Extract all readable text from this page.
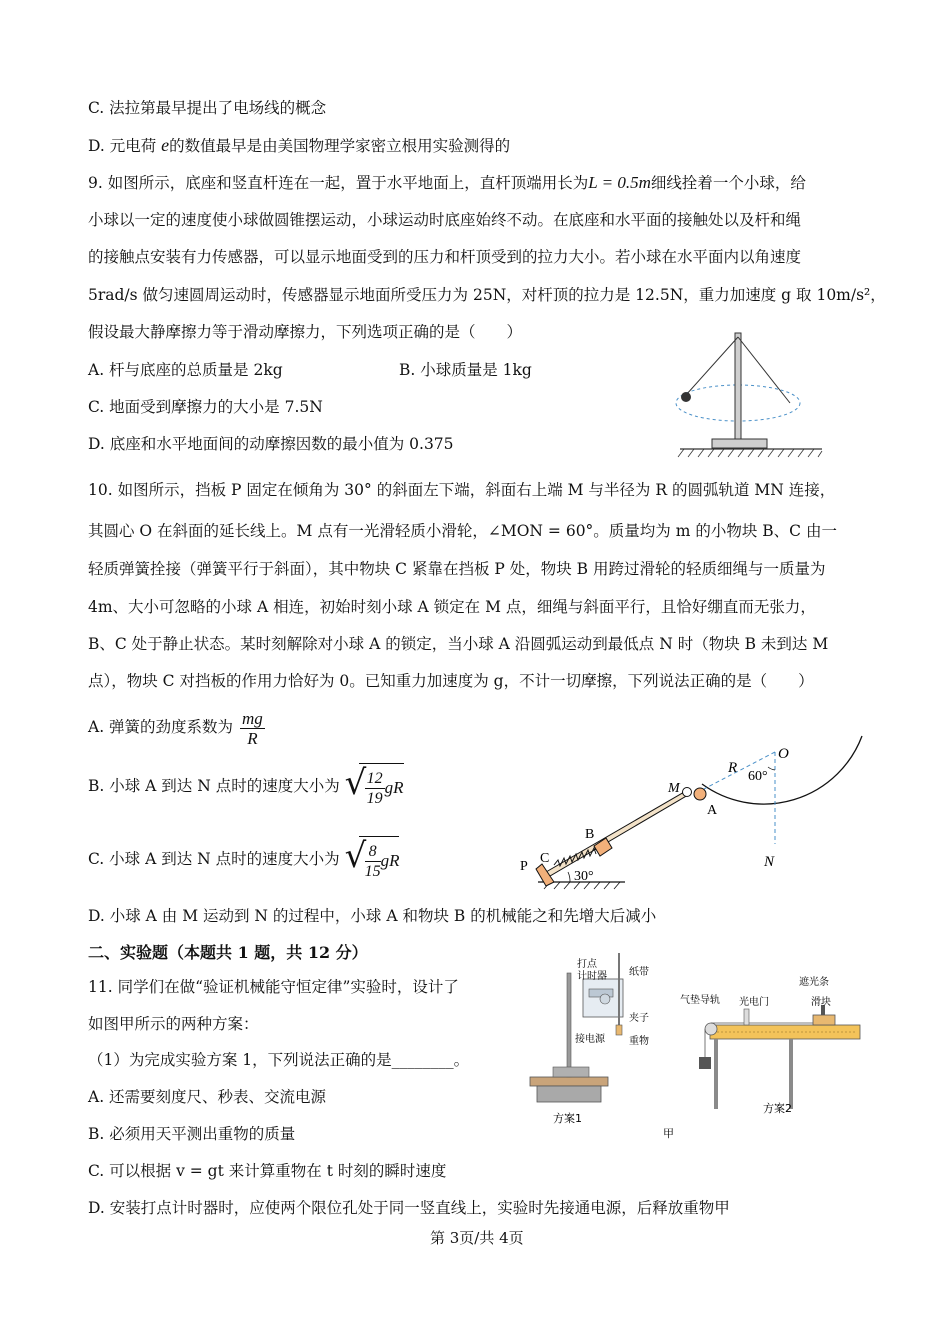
C. 法拉第最早提出了电场线的概念
D. 元电荷 e的数值最早是由美国物理学家密立根用实验测得的
9. 如图所示，底座和竖直杆连在一起，置于水平地面上，直杆顶端用长为L = 0.5m细线拴着一个小球，给
小球以一定的速度使小球做圆锥摆运动，小球运动时底座始终不动。在底座和水平面的接触处以及杆和绳
的接触点安装有力传感器，可以显示地面受到的压力和杆顶受到的拉力大小。若小球在水平面内以角速度
5rad/s 做匀速圆周运动时，传感器显示地面所受压力为 25N，对杆顶的拉力是 12.5N，重力加速度 g 取 10m/s²，
假设最大静摩擦力等于滑动摩擦力，下列选项正确的是（　　）
A. 杆与底座的总质量是 2kg	B. 小球质量是 1kg
C. 地面受到摩擦力的大小是 7.5N
D. 底座和水平地面间的动摩擦因数的最小值为 0.375
10. 如图所示，挡板 P 固定在倾角为 30° 的斜面左下端，斜面右上端 M 与半径为 R 的圆弧轨道 MN 连接，
其圆心 O 在斜面的延长线上。M 点有一光滑轻质小滑轮，∠MON = 60°。质量均为 m 的小物块 B、C 由一
轻质弹簧拴接（弹簧平行于斜面），其中物块 C 紧靠在挡板 P 处，物块 B 用跨过滑轮的轻质细绳与一质量为
4m、大小可忽略的小球 A 相连，初始时刻小球 A 锁定在 M 点，细绳与斜面平行，且恰好绷直而无张力，
B、C 处于静止状态。某时刻解除对小球 A 的锁定，当小球 A 沿圆弧运动到最低点 N 时（物块 B 未到达 M
点），物块 C 对挡板的作用力恰好为 0。已知重力加速度为 g，不计一切摩擦，下列说法正确的是（　　）
A. 弹簧的劲度系数为 $\frac{mg}{R}$
B. 小球 A 到达 N 点时的速度大小为 √
$\frac{12}{19}$ gR
C. 小球 A 到达 N 点时的速度大小为 √
$\frac{8}{15}$ gR
D. 小球 A 由 M 运动到 N 的过程中，小球 A 和物块 B 的机械能之和先增大后减小
R
O
60°
M
A
B
C
P	N
30°
二、实验题（本题共 1 题，共 12 分）
11. 同学们在做“验证机械能守恒定律”实验时，设计了
如图甲所示的两种方案：
（1）为完成实验方案 1，下列说法正确的是________。
A. 还需要刻度尺、秒表、交流电源
B. 必须用天平测出重物的质量
C. 可以根据 v = gt 来计算重物在 t 时刻的瞬时速度
D. 安装打点计时器时，应使两个限位孔处于同一竖直线上，实验时先接通电源，后释放重物甲
打点
计时器 纸带
夹子
重物
接电源
方案1
气垫导轨 光电门
遮光条
滑块
方案2
甲
第 3页/共 4页
